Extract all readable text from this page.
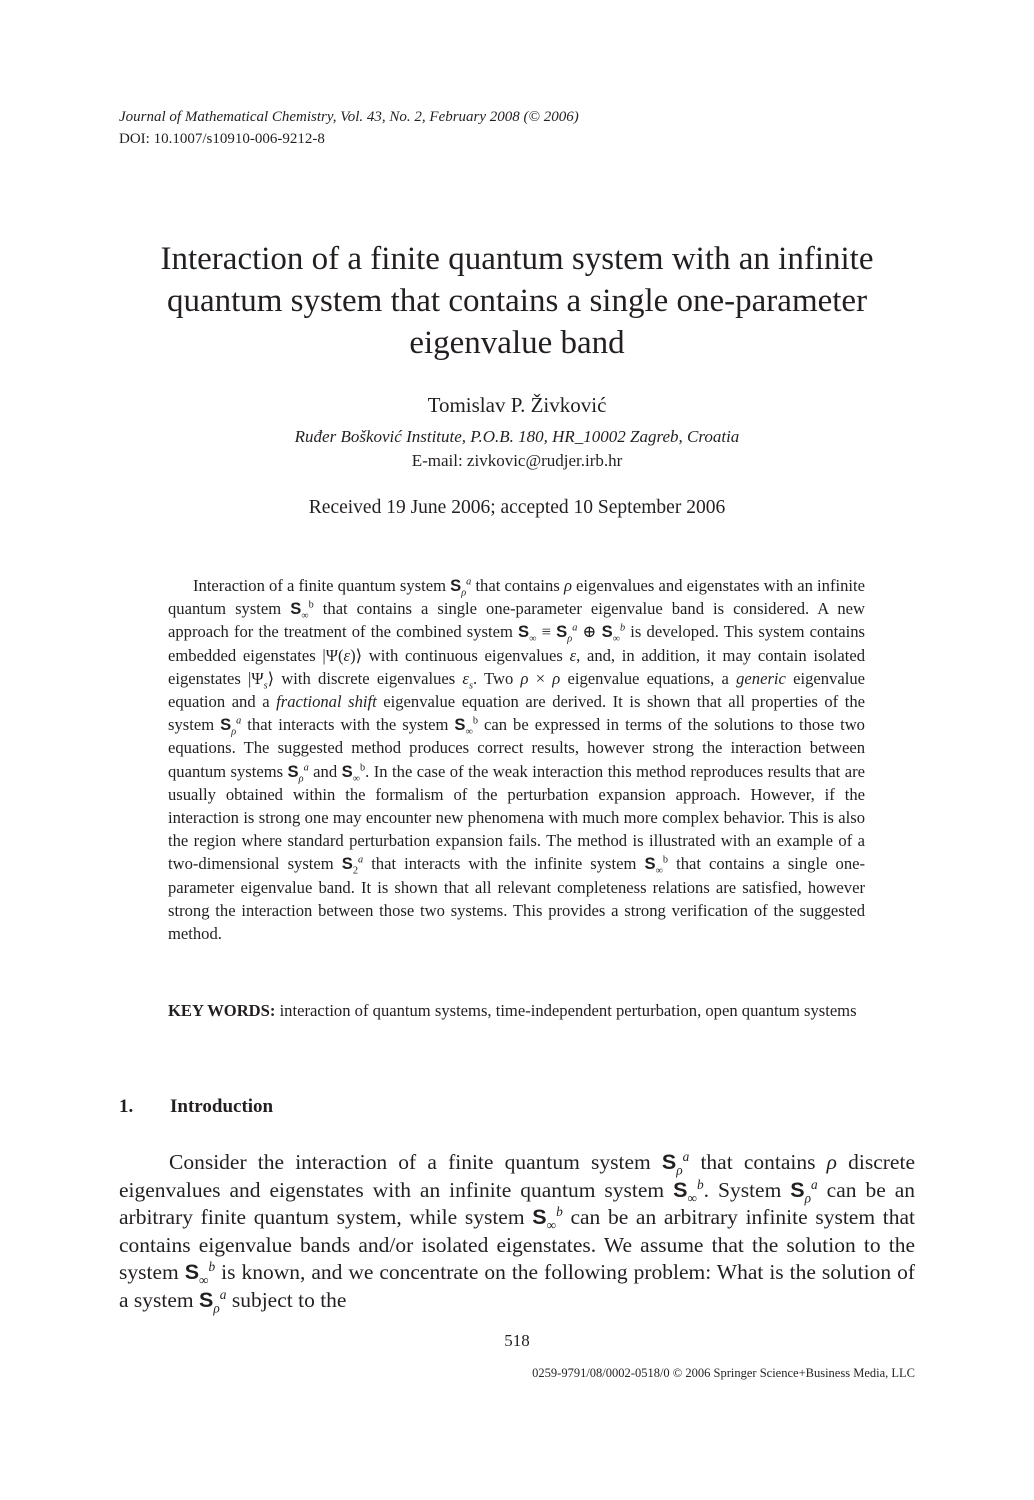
Journal of Mathematical Chemistry, Vol. 43, No. 2, February 2008 (© 2006)
DOI: 10.1007/s10910-006-9212-8
Interaction of a finite quantum system with an infinite quantum system that contains a single one-parameter eigenvalue band
Tomislav P. Živković
Ruđer Bošković Institute, P.O.B. 180, HR_10002 Zagreb, Croatia
E-mail: zivkovic@rudjer.irb.hr
Received 19 June 2006; accepted 10 September 2006

Interaction of a finite quantum system $S_\rho^a$ that contains ρ eigenvalues and eigenstates with an infinite quantum system $S_\infty^b$ that contains a single one-parameter eigenvalue band is considered. A new approach for the treatment of the combined system $S_\infty \equiv S_\rho^a$ ⊕ $S_\infty^b$ is developed. This system contains embedded eigenstates |Ψ(ε)⟩ with continuous eigenvalues ε, and, in addition, it may contain isolated eigenstates $|\Psi_s⟩$ with discrete eigenvalues $\varepsilon_s$. Two ρ × ρ eigenvalue equations, a generic eigenvalue equation and a fractional shift eigenvalue equation are derived. It is shown that all properties of the system $S_\rho^a$ that interacts with the system $S_\infty^b$ can be expressed in terms of the solutions to those two equations. The suggested method produces correct results, however strong the interaction between quantum systems $S_\rho^a$ and $S_\infty^b$. In the case of the weak interaction this method reproduces results that are usually obtained within the formalism of the perturbation expansion approach. However, if the interaction is strong one may encounter new phenomena with much more complex behavior. This is also the region where standard perturbation expansion fails. The method is illustrated with an example of a two-dimensional system $S_2^a$ that interacts with the infinite system $S_\infty^b$ that contains a single one-parameter eigenvalue band. It is shown that all relevant completeness relations are satisfied, however strong the interaction between those two systems. This provides a strong verification of the suggested method.

KEY WORDS: interaction of quantum systems, time-independent perturbation, open quantum systems

1. Introduction

Consider the interaction of a finite quantum system $S_\rho^a$ that contains ρ discrete eigenvalues and eigenstates with an infinite quantum system $S_\infty^b$. System $S_\rho^a$ can be an arbitrary finite quantum system, while system $S_\infty^b$ can be an arbitrary infinite system that contains eigenvalue bands and/or isolated eigenstates. We assume that the solution to the system $S_\infty^b$ is known, and we concentrate on the following problem: What is the solution of a system $S_\rho^a$ subject to the

518
0259-9791/08/0002-0518/0 © 2006 Springer Science+Business Media, LLC
